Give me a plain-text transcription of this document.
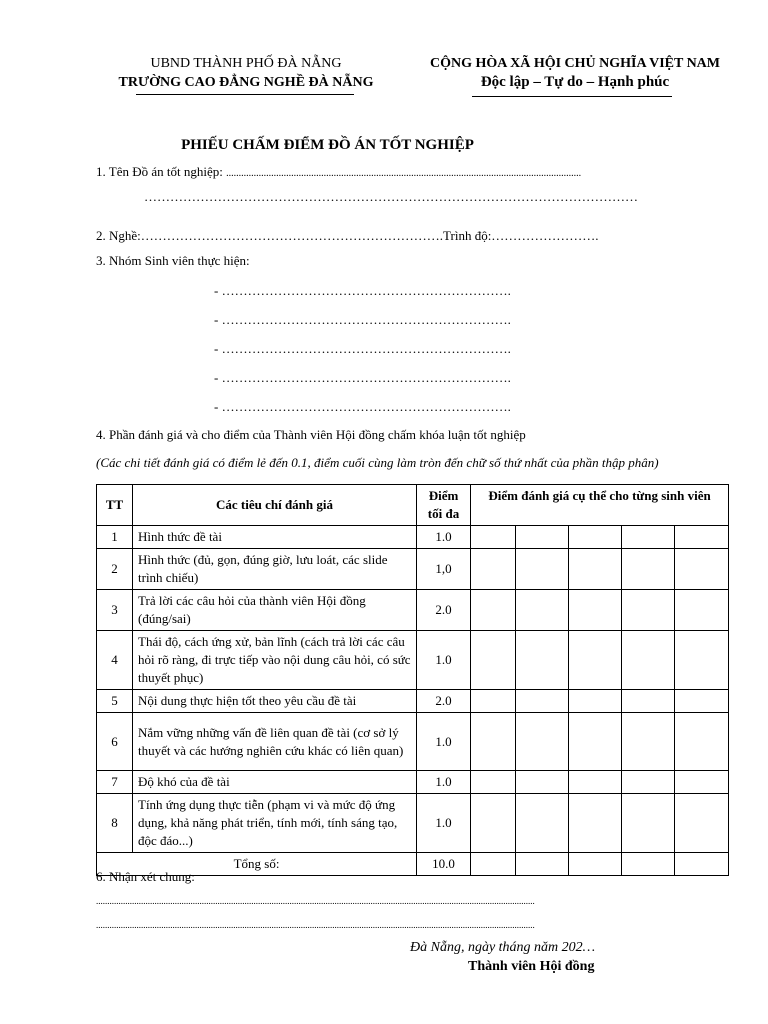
UBND THÀNH PHỐ ĐÀ NẴNG
TRƯỜNG CAO ĐẲNG NGHỀ ĐÀ NẴNG
CỘNG HÒA XÃ HỘI CHỦ NGHĨA VIỆT NAM
Độc lập – Tự do – Hạnh phúc
PHIẾU CHẤM ĐIỂM ĐỒ ÁN TỐT NGHIỆP
1. Tên Đồ án tốt nghiệp: ..............................................................................................................................................
……………………………………………………………………………………………………
2. Nghề:…………………………………………………………….Trình độ:…………………….
3. Nhóm Sinh viên thực hiện:
- ………………………………………………………….
- ………………………………………………………….
- ………………………………………………………….
- ………………………………………………………….
- ………………………………………………………….
4. Phần đánh giá và cho điểm của Thành viên Hội đồng chấm khóa luận tốt nghiệp
(Các chi tiết đánh giá có điểm lẻ đến 0.1, điểm cuối cùng làm tròn đến chữ số thứ nhất của phần thập phân)
TT	Các tiêu chí đánh giá	Điểm tối đa	Điểm đánh giá cụ thể cho từng sinh viên				
1	Hình thức đề tài	1.0					
2	Hình thức (đủ, gọn, đúng giờ, lưu loát, các slide trình chiếu)	1,0					
3	Trả lời các câu hỏi của thành viên Hội đồng (đúng/sai)	2.0					
4	Thái độ, cách ứng xử, bản lĩnh (cách trả lời các câu hỏi rõ ràng, đi trực tiếp vào nội dung câu hỏi, có sức thuyết phục)	1.0					
5	Nội dung thực hiện tốt theo yêu cầu đề tài	2.0					
6	Nắm vững những vấn đề liên quan đề tài (cơ sở lý thuyết và các hướng nghiên cứu khác có liên quan)	1.0					
7	Độ khó của đề tài	1.0					
8	Tính ứng dụng thực tiễn (phạm vi và mức độ ứng dụng, khả năng phát triển, tính mới, tính sáng tạo, độc đáo...)	1.0					
Tổng số:		10.0					
6. Nhận xét chung:
...................................................................................................................................................................................................
...................................................................................................................................................................................................
Đà Nẵng, ngày tháng năm 202…
Thành viên Hội đồng
